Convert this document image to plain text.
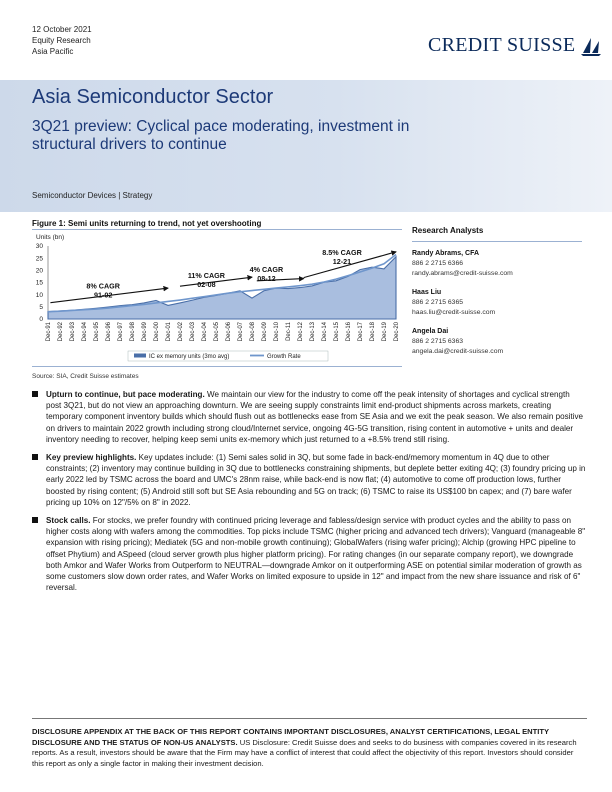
12 October 2021
Equity Research
Asia Pacific	CREDIT SUISSE
Asia Semiconductor Sector
3Q21 preview: Cyclical pace moderating, investment in structural drivers to continue
Semiconductor Devices | Strategy
Figure 1: Semi units returning to trend, not yet overshooting
Units (bn)
0
5
10
15
20
25
30
Dec-91 Dec-92 Dec-93 Dec-94 Dec-95 Dec-96 Dec-97 Dec-98 Dec-99 Dec-00 Dec-01 Dec-02 Dec-03 Dec-04 Dec-05 Dec-06 Dec-07 Dec-08 Dec-09 Dec-10 Dec-11 Dec-12 Dec-13 Dec-14 Dec-15 Dec-16 Dec-17 Dec-18 Dec-19 Dec-20
8% CAGR
91-02
11% CAGR
02-08
4% CAGR
08-12
8.5% CAGR
12-21
IC ex memory units (3mo avg)	Growth Rate
Source: SIA, Credit Suisse estimates
Research Analysts
Randy Abrams, CFA
886 2 2715 6366
randy.abrams@credit-suisse.com
Haas Liu
886 2 2715 6365
haas.liu@credit-suisse.com
Angela Dai
886 2 2715 6363
angela.dai@credit-suisse.com
Upturn to continue, but pace moderating. We maintain our view for the industry to come off the peak intensity of shortages and cyclical strength post 3Q21, but do not view an approaching downturn. We are seeing supply constraints limit end-product shipments across markets, creating temporary component inventory builds which should flush out as bottlenecks ease from SE Asia and we exit the peak season. We also remain positive on drivers to maintain 2022 growth including strong cloud/Internet service, ongoing 4G-5G transition, rising content in automotive + units and dealer inventory needing to recover, helping keep semi units ex-memory which just returned to a +8.5% trend still rising.
Key preview highlights. Key updates include: (1) Semi sales solid in 3Q, but some fade in back-end/memory momentum in 4Q due to other constraints; (2) inventory may continue building in 3Q due to bottlenecks constraining shipments, but deplete better exiting 4Q; (3) foundry pricing up in early 2022 led by TSMC across the board and UMC's 28nm raise, while back-end is now flat; (4) automotive to come off production lows, further boosted by rising content; (5) Android still soft but SE Asia rebounding and 5G on track; (6) TSMC to raise its US$100 bn capex; and (7) bare wafer pricing up 10% on 12"/5% on 8" in 2022.
Stock calls. For stocks, we prefer foundry with continued pricing leverage and fabless/design service with product cycles and the ability to pass on higher costs along with wafers among the commodities. Top picks include TSMC (higher pricing and advanced tech drivers); Vanguard (manageable 8" expansion with rising pricing); Mediatek (5G and non-mobile growth continuing); GlobalWafers (rising wafer pricing); Alchip (growing HPC pipeline to offset Phytium) and ASpeed (cloud server growth plus higher platform pricing). For rating changes (in our separate company report), we downgrade both Amkor and Wafer Works from Outperform to NEUTRAL—downgrade Amkor on it outperforming ASE on potential similar moderation of growth as some customers slow down order rates, and Wafer Works on limited exposure to upside in 12" and impact from the new share issuance and risk of 6" reversal.
DISCLOSURE APPENDIX AT THE BACK OF THIS REPORT CONTAINS IMPORTANT DISCLOSURES, ANALYST CERTIFICATIONS, LEGAL ENTITY DISCLOSURE AND THE STATUS OF NON-US ANALYSTS. US Disclosure: Credit Suisse does and seeks to do business with companies covered in its research reports. As a result, investors should be aware that the Firm may have a conflict of interest that could affect the objectivity of this report. Investors should consider this report as only a single factor in making their investment decision.
